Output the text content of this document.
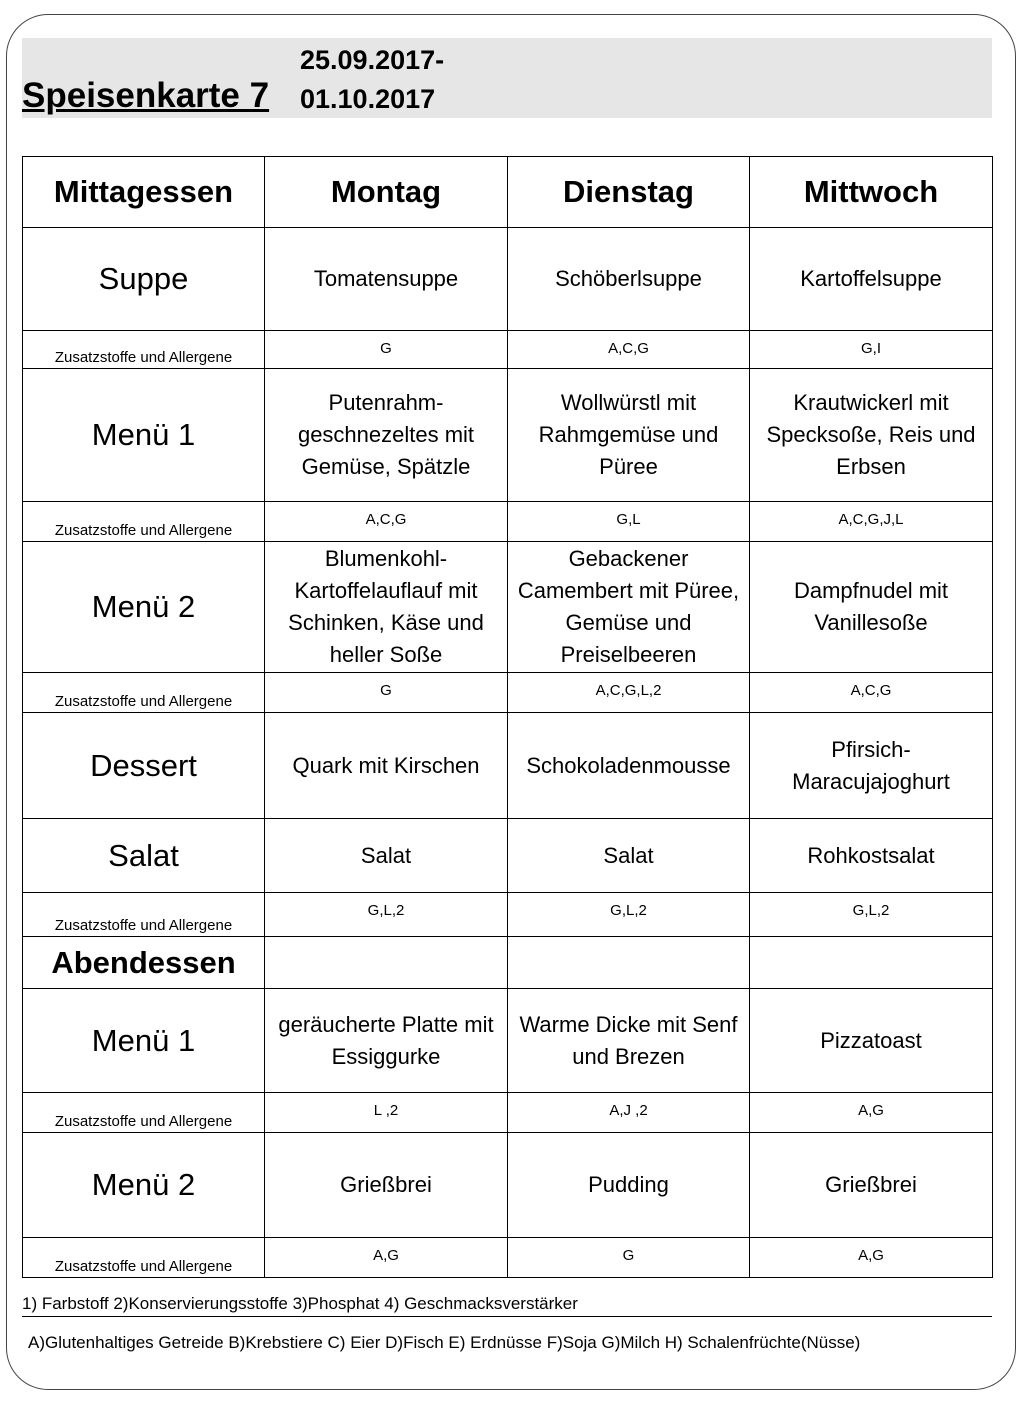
Speisenkarte 7
25.09.2017-
01.10.2017
Mittagessen	Montag	Dienstag	Mittwoch
Suppe	Tomatensuppe	Schöberlsuppe	Kartoffelsuppe
Zusatzstoffe und Allergene	G	A,C,G	G,I
Menü 1	Putenrahm-geschnezeltes mit Gemüse, Spätzle	Wollwürstl mit Rahmgemüse und Püree	Krautwickerl mit Specksoße, Reis und Erbsen
Zusatzstoffe und Allergene	A,C,G	G,L	A,C,G,J,L
Menü 2	Blumenkohl-Kartoffelauflauf mit Schinken, Käse und heller Soße	Gebackener Camembert mit Püree, Gemüse und Preiselbeeren	Dampfnudel mit Vanillesoße
Zusatzstoffe und Allergene	G	A,C,G,L,2	A,C,G
Dessert	Quark mit Kirschen	Schokoladenmousse	Pfirsich-Maracujajoghurt
Salat	Salat	Salat	Rohkostsalat
Zusatzstoffe und Allergene	G,L,2	G,L,2	G,L,2
Abendessen			
Menü 1	geräucherte Platte mit Essiggurke	Warme Dicke mit Senf und Brezen	Pizzatoast
Zusatzstoffe und Allergene	L ,2	A,J ,2	A,G
Menü 2	Grießbrei	Pudding	Grießbrei
Zusatzstoffe und Allergene	A,G	G	A,G
1) Farbstoff 2)Konservierungsstoffe 3)Phosphat 4) Geschmacksverstärker
A)Glutenhaltiges Getreide B)Krebstiere C) Eier D)Fisch E) Erdnüsse F)Soja G)Milch H) Schalenfrüchte(Nüsse)
